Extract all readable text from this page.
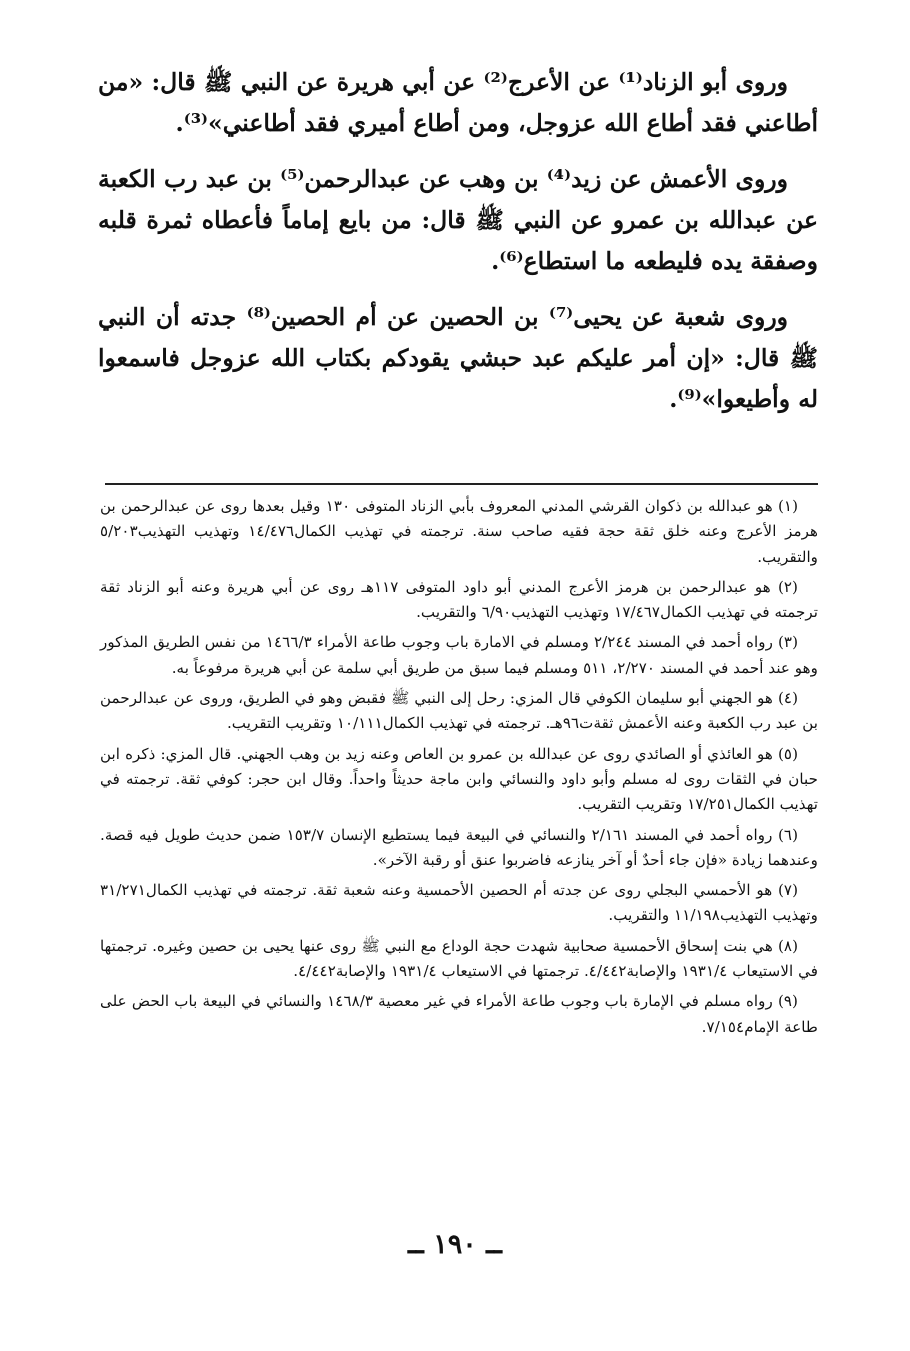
وروى أبو الزناد⁽¹⁾ عن الأعرج⁽²⁾ عن أبي هريرة عن النبي ﷺ قال: «من أطاعني فقد أطاع الله عزوجل، ومن أطاع أميري فقد أطاعني»⁽³⁾.

وروى الأعمش عن زيد⁽⁴⁾ بن وهب عن عبدالرحمن⁽⁵⁾ بن عبد رب الكعبة عن عبدالله بن عمرو عن النبي ﷺ قال: من بايع إماماً فأعطاه ثمرة قلبه وصفقة يده فليطعه ما استطاع⁽⁶⁾.

وروى شعبة عن يحيى⁽⁷⁾ بن الحصين عن أم الحصين⁽⁸⁾ جدته أن النبي ﷺ قال: «إن أمر عليكم عبد حبشي يقودكم بكتاب الله عزوجل فاسمعوا له وأطيعوا»⁽⁹⁾.

(١) هو عبدالله بن ذكوان القرشي المدني المعروف بأبي الزناد المتوفى ١٣٠ وقيل بعدها روى عن عبدالرحمن بن هرمز الأعرج وعنه خلق ثقة حجة فقيه صاحب سنة. ترجمته في تهذيب الكمال١٤/٤٧٦ وتهذيب التهذيب٥/٢٠٣ والتقريب.

(٢) هو عبدالرحمن بن هرمز الأعرج المدني أبو داود المتوفى ١١٧هـ روى عن أبي هريرة وعنه أبو الزناد ثقة ترجمته في تهذيب الكمال١٧/٤٦٧ وتهذيب التهذيب٦/٩٠ والتقريب.

(٣) رواه أحمد في المسند ٢/٢٤٤ ومسلم في الامارة باب وجوب طاعة الأمراء ١٤٦٦/٣ من نفس الطريق المذكور وهو عند أحمد في المسند ٢/٢٧٠، ٥١١ ومسلم فيما سبق من طريق أبي سلمة عن أبي هريرة مرفوعاً به.

(٤) هو الجهني أبو سليمان الكوفي قال المزي: رحل إلى النبي ﷺ فقبض وهو في الطريق، وروى عن عبدالرحمن بن عبد رب الكعبة وعنه الأعمش ثقةت٩٦هـ. ترجمته في تهذيب الكمال١٠/١١١ وتقريب التقريب.

(٥) هو العائذي أو الصائدي روى عن عبدالله بن عمرو بن العاص وعنه زيد بن وهب الجهني. قال المزي: ذكره ابن حبان في الثقات روى له مسلم وأبو داود والنسائي وابن ماجة حديثاً واحداً. وقال ابن حجر: كوفي ثقة. ترجمته في تهذيب الكمال١٧/٢٥١ وتقريب التقريب.

(٦) رواه أحمد في المسند ٢/١٦١ والنسائي في البيعة فيما يستطيع الإنسان ١٥٣/٧ ضمن حديث طويل فيه قصة. وعندهما زيادة «فإن جاء أحدٌ أو آخر ينازعه فاضربوا عنق أو رقبة الآخر».

(٧) هو الأحمسي البجلي روى عن جدته أم الحصين الأحمسية وعنه شعبة ثقة. ترجمته في تهذيب الكمال٣١/٢٧١ وتهذيب التهذيب١١/١٩٨ والتقريب.

(٨) هي بنت إسحاق الأحمسية صحابية شهدت حجة الوداع مع النبي ﷺ روى عنها يحيى بن حصين وغيره. ترجمتها في الاستيعاب ١٩٣١/٤ والإصابة٤/٤٤٢. ترجمتها في الاستيعاب ١٩٣١/٤ والإصابة٤/٤٤٢.

(٩) رواه مسلم في الإمارة باب وجوب طاعة الأمراء في غير معصية ١٤٦٨/٣ والنسائي في البيعة باب الحض على طاعة الإمام٧/١٥٤.

ــ ١٩٠ ــ
